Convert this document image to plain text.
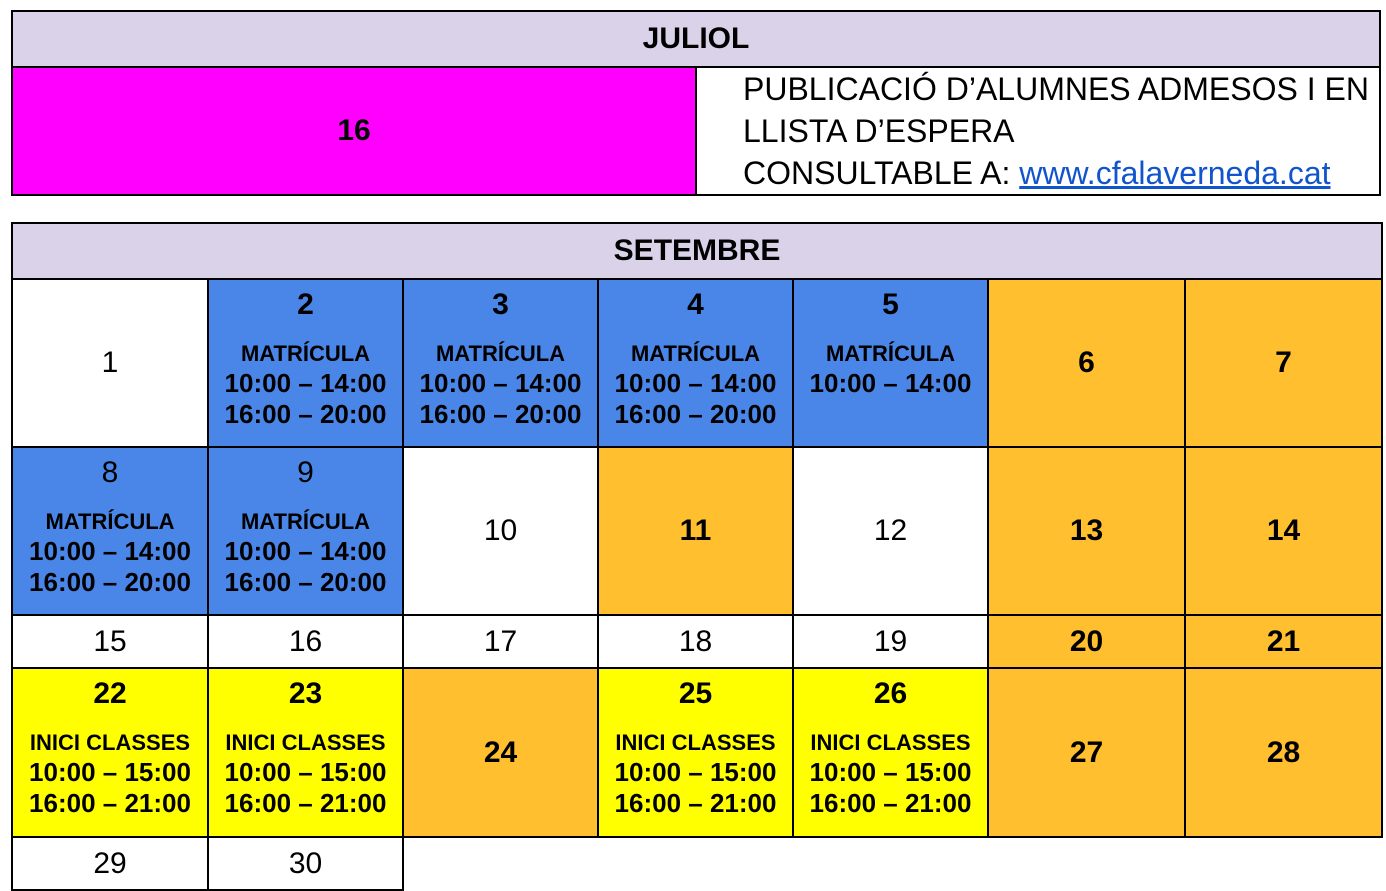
JULIOL
16	PUBLICACIÓ D’ALUMNES ADMESOS I EN LLISTA D’ESPERA
CONSULTABLE A: www.cfalaverneda.cat
SETEMBRE						
1	2
MATRÍCULA
10:00 – 14:00
16:00 – 20:00	3
MATRÍCULA
10:00 – 14:00
16:00 – 20:00	4
MATRÍCULA
10:00 – 14:00
16:00 – 20:00	5
MATRÍCULA
10:00 – 14:00	6	7

8
MATRÍCULA
10:00 – 14:00
16:00 – 20:00	9
MATRÍCULA
10:00 – 14:00
16:00 – 20:00	10	11	12	13	14
15	16	17	18	19	20	21

22
INICI CLASSES
10:00 – 15:00
16:00 – 21:00	23
INICI CLASSES
10:00 – 15:00
16:00 – 21:00	24	25
INICI CLASSES
10:00 – 15:00
16:00 – 21:00	26
INICI CLASSES
10:00 – 15:00
16:00 – 21:00	27	28
29	30					
